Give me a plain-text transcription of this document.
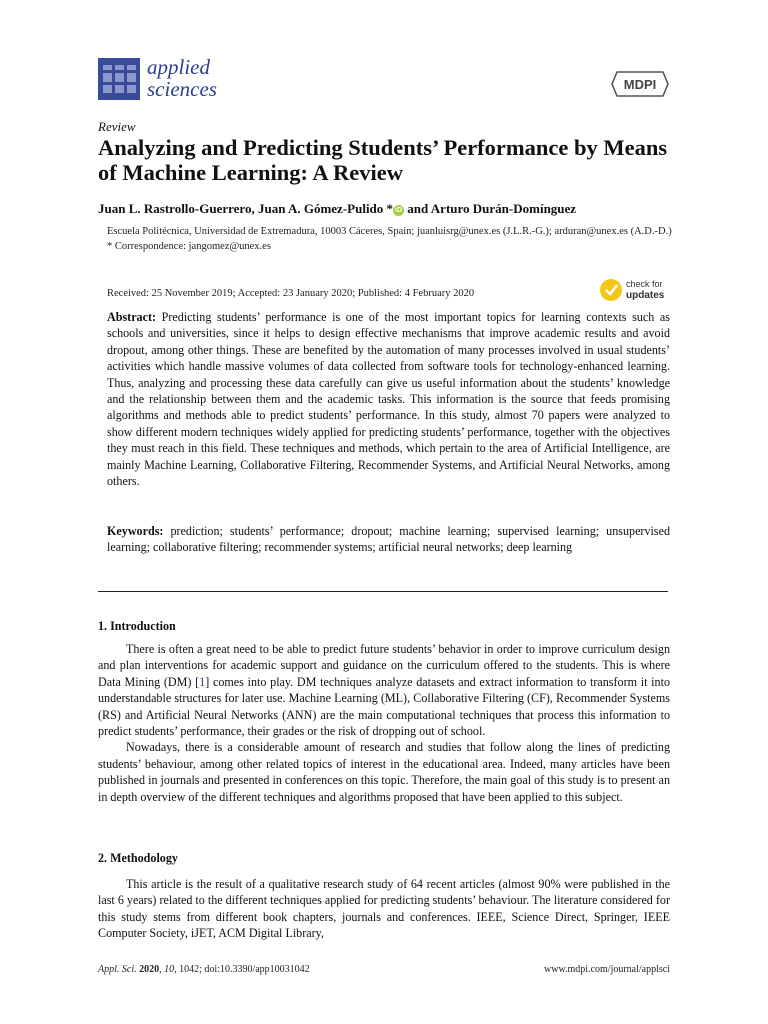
applied
sciences	MDPI
Review
Analyzing and Predicting Students’ Performance by Means of Machine Learning: A Review
Juan L. Rastrollo-Guerrero, Juan A. Gómez-Pulido * iD and Arturo Durán-Domínguez
Escuela Politécnica, Universidad de Extremadura, 10003 Cáceres, Spain; juanluisrg@unex.es (J.L.R.-G.); arduran@unex.es (A.D.-D.)
* Correspondence: jangomez@unex.es
check for
updates
Received: 25 November 2019; Accepted: 23 January 2020; Published: 4 February 2020
Abstract: Predicting students’ performance is one of the most important topics for learning contexts such as schools and universities, since it helps to design effective mechanisms that improve academic results and avoid dropout, among other things. These are benefited by the automation of many processes involved in usual students’ activities which handle massive volumes of data collected from software tools for technology-enhanced learning. Thus, analyzing and processing these data carefully can give us useful information about the students’ knowledge and the relationship between them and the academic tasks. This information is the source that feeds promising algorithms and methods able to predict students’ performance. In this study, almost 70 papers were analyzed to show different modern techniques widely applied for predicting students’ performance, together with the objectives they must reach in this field. These techniques and methods, which pertain to the area of Artificial Intelligence, are mainly Machine Learning, Collaborative Filtering, Recommender Systems, and Artificial Neural Networks, among others.
Keywords: prediction; students’ performance; dropout; machine learning; supervised learning; unsupervised learning; collaborative filtering; recommender systems; artificial neural networks; deep learning
1. Introduction
There is often a great need to be able to predict future students’ behavior in order to improve curriculum design and plan interventions for academic support and guidance on the curriculum offered to the students. This is where Data Mining (DM) [1] comes into play. DM techniques analyze datasets and extract information to transform it into understandable structures for later use. Machine Learning (ML), Collaborative Filtering (CF), Recommender Systems (RS) and Artificial Neural Networks (ANN) are the main computational techniques that process this information to predict students’ performance, their grades or the risk of dropping out of school.
Nowadays, there is a considerable amount of research and studies that follow along the lines of predicting students’ behaviour, among other related topics of interest in the educational area. Indeed, many articles have been published in journals and presented in conferences on this topic. Therefore, the main goal of this study is to present an in depth overview of the different techniques and algorithms proposed that have been applied to this subject.
2. Methodology
This article is the result of a qualitative research study of 64 recent articles (almost 90% were published in the last 6 years) related to the different techniques applied for predicting students’ behaviour. The literature considered for this study stems from different book chapters, journals and conferences. IEEE, Science Direct, Springer, IEEE Computer Society, iJET, ACM Digital Library,
Appl. Sci. 2020, 10, 1042; doi:10.3390/app10031042	www.mdpi.com/journal/applsci
